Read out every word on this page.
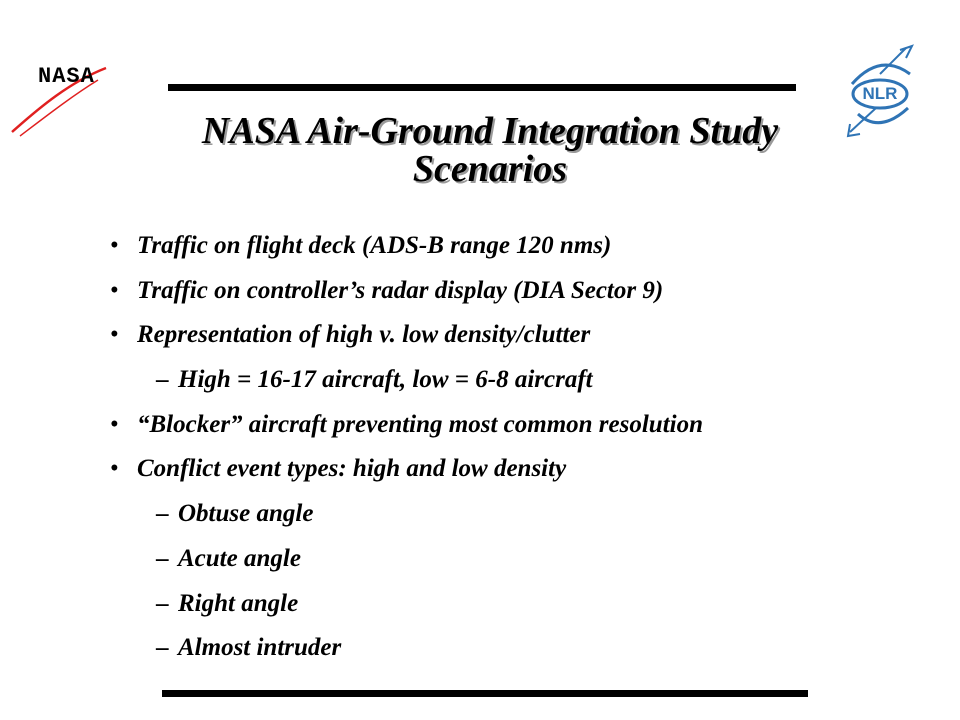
NASA
NLR
NASA Air-Ground Integration Study
Scenarios
• Traffic on flight deck (ADS-B range 120 nms)
• Traffic on controller’s radar display (DIA Sector 9)
• Representation of high v. low density/clutter
– High = 16-17 aircraft, low = 6-8 aircraft
• “Blocker” aircraft preventing most common resolution
• Conflict event types: high and low density
– Obtuse angle
– Acute angle
– Right angle
– Almost intruder
